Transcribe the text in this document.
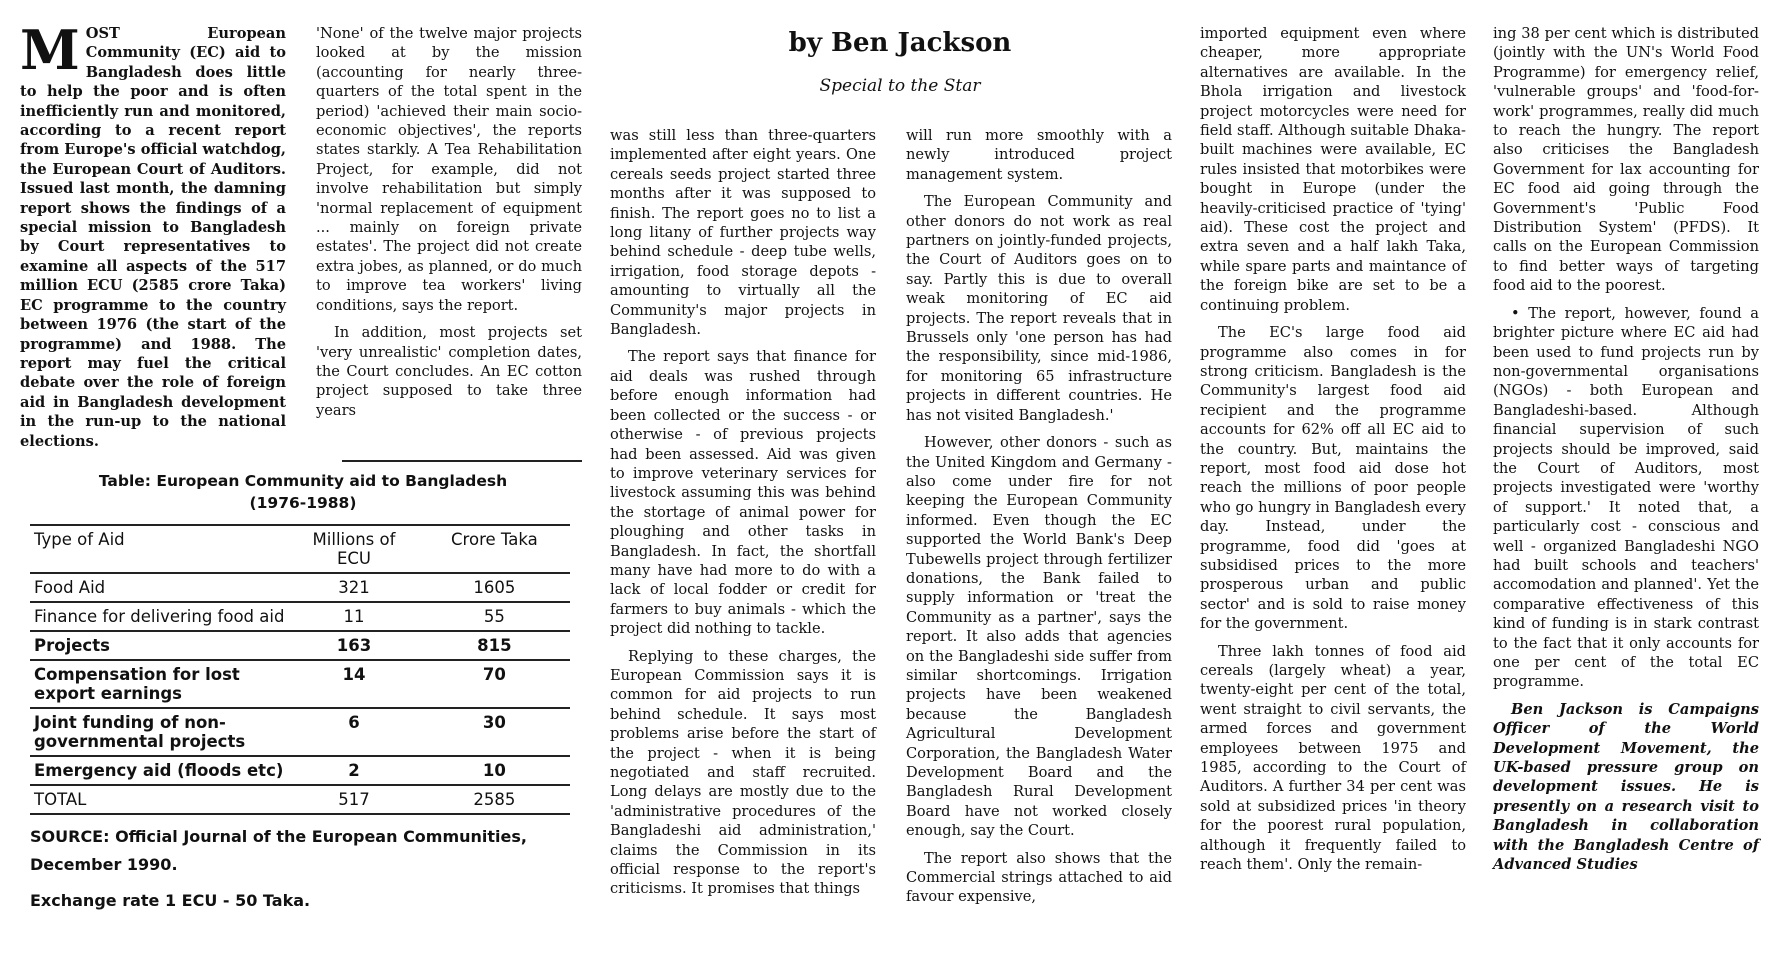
M OST European Community (EC) aid to Bangladesh does little to help the poor and is often inefficiently run and monitored, according to a recent report from Europe's official watchdog, the European Court of Auditors. Issued last month, the damning report shows the findings of a special mission to Bangladesh by Court representatives to examine all aspects of the 517 million ECU (2585 crore Taka) EC programme to the country between 1976 (the start of the programme) and 1988. The report may fuel the critical debate over the role of foreign aid in Bangladesh development in the run-up to the national elections.

'None' of the twelve major projects looked at by the mission (accounting for nearly three-quarters of the total spent in the period) 'achieved their main socio-economic objectives', the reports states starkly. A Tea Rehabilitation Project, for example, did not involve rehabilitation but simply 'normal replacement of equipment ... mainly on foreign private estates'. The project did not create extra jobes, as planned, or do much to improve tea workers' living conditions, says the report.

In addition, most projects set 'very unrealistic' completion dates, the Court concludes. An EC cotton project supposed to take three years

by Ben Jackson
Special to the Star

was still less than three-quarters implemented after eight years. One cereals seeds project started three months after it was supposed to finish. The report goes no to list a long litany of further projects way behind schedule - deep tube wells, irrigation, food storage depots - amounting to virtually all the Community's major projects in Bangladesh.

The report says that finance for aid deals was rushed through before enough information had been collected or the success - or otherwise - of previous projects had been assessed. Aid was given to improve veterinary services for livestock assuming this was behind the stortage of animal power for ploughing and other tasks in Bangladesh. In fact, the shortfall many have had more to do with a lack of local fodder or credit for farmers to buy animals - which the project did nothing to tackle.

Replying to these charges, the European Commission says it is common for aid projects to run behind schedule. It says most problems arise before the start of the project - when it is being negotiated and staff recruited. Long delays are mostly due to the 'administrative procedures of the Bangladeshi aid administration,' claims the Commission in its official response to the report's criticisms. It promises that things

will run more smoothly with a newly introduced project management system.

The European Community and other donors do not work as real partners on jointly-funded projects, the Court of Auditors goes on to say. Partly this is due to overall weak monitoring of EC aid projects. The report reveals that in Brussels only 'one person has had the responsibility, since mid-1986, for monitoring 65 infrastructure projects in different countries. He has not visited Bangladesh.'

However, other donors - such as the United Kingdom and Germany - also come under fire for not keeping the European Community informed. Even though the EC supported the World Bank's Deep Tubewells project through fertilizer donations, the Bank failed to supply information or 'treat the Community as a partner', says the report. It also adds that agencies on the Bangladeshi side suffer from similar shortcomings. Irrigation projects have been weakened because the Bangladesh Agricultural Development Corporation, the Bangladesh Water Development Board and the Bangladesh Rural Development Board have not worked closely enough, say the Court.

The report also shows that the Commercial strings attached to aid favour expensive,

imported equipment even where cheaper, more appropriate alternatives are available. In the Bhola irrigation and livestock project motorcycles were need for field staff. Although suitable Dhaka-built machines were available, EC rules insisted that motorbikes were bought in Europe (under the heavily-criticised practice of 'tying' aid). These cost the project and extra seven and a half lakh Taka, while spare parts and maintance of the foreign bike are set to be a continuing problem.

The EC's large food aid programme also comes in for strong criticism. Bangladesh is the Community's largest food aid recipient and the programme accounts for 62% off all EC aid to the country. But, maintains the report, most food aid dose hot reach the millions of poor people who go hungry in Bangladesh every day. Instead, under the programme, food did 'goes at subsidised prices to the more prosperous urban and public sector' and is sold to raise money for the government.

Three lakh tonnes of food aid cereals (largely wheat) a year, twenty-eight per cent of the total, went straight to civil servants, the armed forces and government employees between 1975 and 1985, according to the Court of Auditors. A further 34 per cent was sold at subsidized prices 'in theory for the poorest rural population, although it frequently failed to reach them'. Only the remain-

ing 38 per cent which is distributed (jointly with the UN's World Food Programme) for emergency relief, 'vulnerable groups' and 'food-for-work' programmes, really did much to reach the hungry. The report also criticises the Bangladesh Government for lax accounting for EC food aid going through the Government's 'Public Food Distribution System' (PFDS). It calls on the European Commission to find better ways of targeting food aid to the poorest.

• The report, however, found a brighter picture where EC aid had been used to fund projects run by non-governmental organisations (NGOs) - both European and Bangladeshi-based. Although financial supervision of such projects should be improved, said the Court of Auditors, most projects investigated were 'worthy of support.' It noted that, a particularly cost - conscious and well - organized Bangladeshi NGO had built schools and teachers' accomodation and planned'. Yet the comparative effectiveness of this kind of funding is in stark contrast to the fact that it only accounts for one per cent of the total EC programme.

Ben Jackson is Campaigns Officer of the World Development Movement, the UK-based pressure group on development issues. He is presently on a research visit to Bangladesh in collaboration with the Bangladesh Centre of Advanced Studies

Table: European Community aid to Bangladesh
(1976-1988)
Type of Aid	Millions of ECU	Crore Taka
Food Aid	321	1605
Finance for delivering food aid	11	55
Projects	163	815
Compensation for lost export earnings	14	70
Joint funding of non-governmental projects	6	30
Emergency aid (floods etc)	2	10
TOTAL	517	2585
SOURCE: Official Journal of the European Communities, December 1990.
Exchange rate 1 ECU - 50 Taka.
